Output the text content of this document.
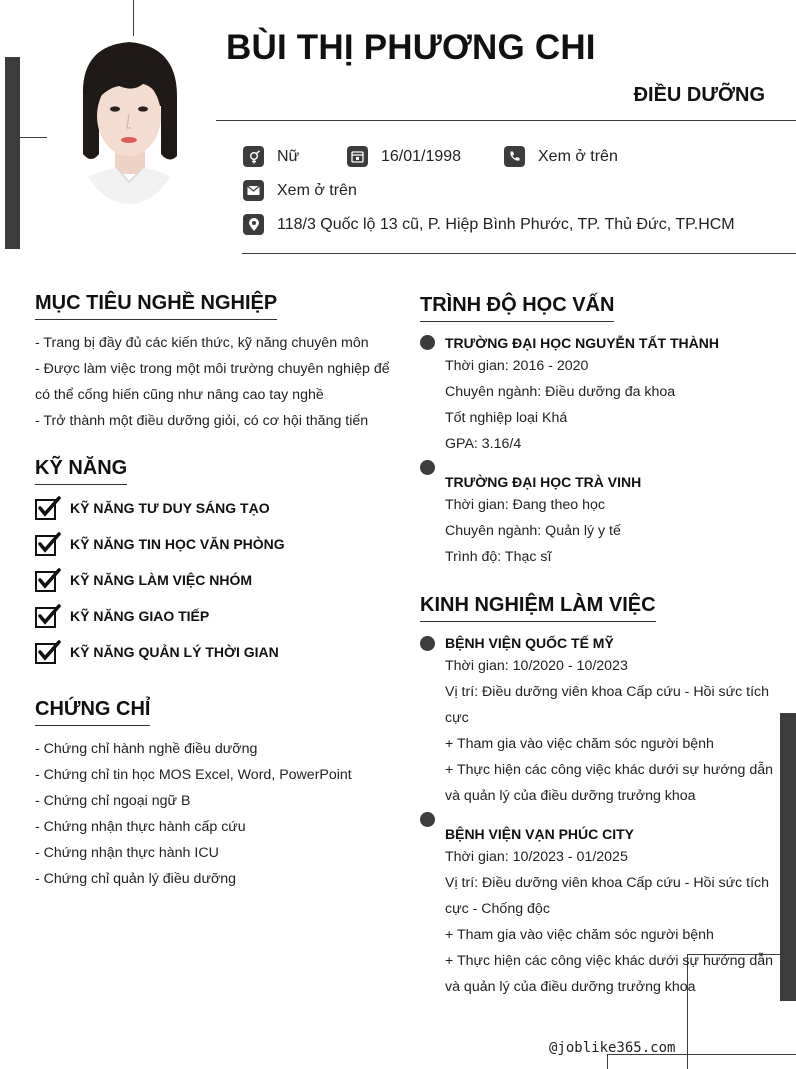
BÙI THỊ PHƯƠNG CHI
ĐIỀU DƯỠNG
Nữ	16/01/1998	Xem ở trên
Xem ở trên
118/3 Quốc lộ 13 cũ, P. Hiệp Bình Phước, TP. Thủ Đức, TP.HCM
MỤC TIÊU NGHỀ NGHIỆP
- Trang bị đầy đủ các kiến thức, kỹ năng chuyên môn
- Được làm việc trong một môi trường chuyên nghiệp để
có thể cống hiến cũng như nâng cao tay nghề
- Trở thành một điều dưỡng giỏi, có cơ hội thăng tiến
KỸ NĂNG
KỸ NĂNG TƯ DUY SÁNG TẠO
KỸ NĂNG TIN HỌC VĂN PHÒNG
KỸ NĂNG LÀM VIỆC NHÓM
KỸ NĂNG GIAO TIẾP
KỸ NĂNG QUẢN LÝ THỜI GIAN
CHỨNG CHỈ
- Chứng chỉ hành nghề điều dưỡng
- Chứng chỉ tin học MOS Excel, Word, PowerPoint
- Chứng chỉ ngoại ngữ B
- Chứng nhận thực hành cấp cứu
- Chứng nhận thực hành ICU
- Chứng chỉ quản lý điều dưỡng
TRÌNH ĐỘ HỌC VẤN
TRƯỜNG ĐẠI HỌC NGUYỄN TẤT THÀNH
Thời gian: 2016 - 2020
Chuyên ngành: Điều dưỡng đa khoa
Tốt nghiệp loại Khá
GPA: 3.16/4
TRƯỜNG ĐẠI HỌC TRÀ VINH
Thời gian: Đang theo học
Chuyên ngành: Quản lý y tế
Trình độ: Thạc sĩ
KINH NGHIỆM LÀM VIỆC
BỆNH VIỆN QUỐC TẾ MỸ
Thời gian: 10/2020 - 10/2023
Vị trí: Điều dưỡng viên khoa Cấp cứu - Hồi sức tích
cực
+ Tham gia vào việc chăm sóc người bệnh
+ Thực hiện các công việc khác dưới sự hướng dẫn
và quản lý của điều dưỡng trưởng khoa
BỆNH VIỆN VẠN PHÚC CITY
Thời gian: 10/2023 - 01/2025
Vị trí: Điều dưỡng viên khoa Cấp cứu - Hồi sức tích
cực - Chống độc
+ Tham gia vào việc chăm sóc người bệnh
+ Thực hiện các công việc khác dưới sự hướng dẫn
và quản lý của điều dưỡng trưởng khoa
@joblike365.com
